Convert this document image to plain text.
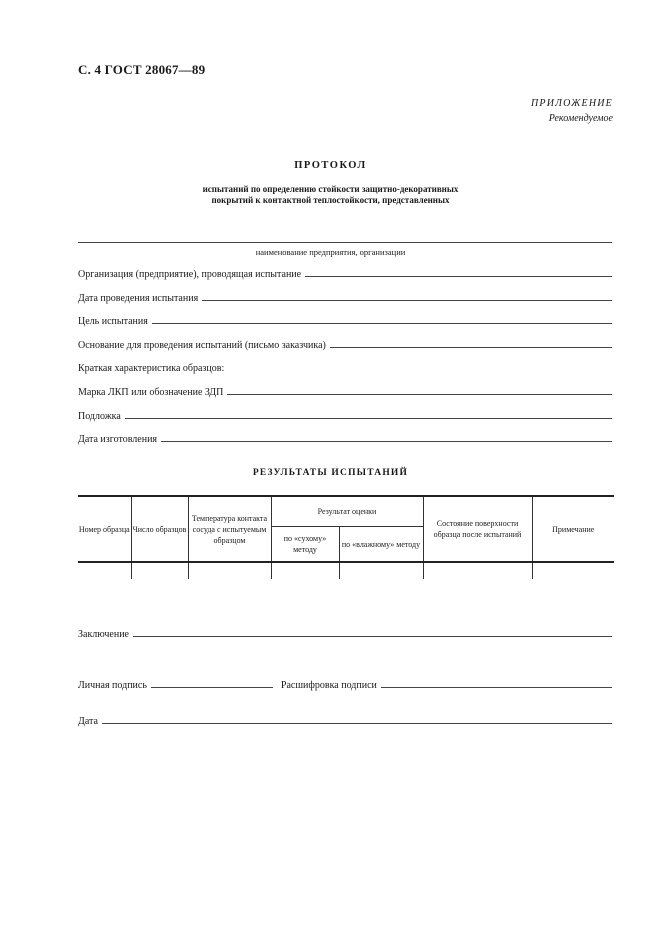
С. 4 ГОСТ 28067—89
ПРИЛОЖЕНИЕ
Рекомендуемое
ПРОТОКОЛ
испытаний по определению стойкости защитно-декоративных
покрытий к контактной теплостойкости, представленных
наименование предприятия, организации
Организация (предприятие), проводящая испытание
Дата проведения испытания
Цель испытания
Основание для проведения испытаний (письмо заказчика)
Краткая характеристика образцов:
Марка ЛКП или обозначение ЗДП
Подложка
Дата изготовления
РЕЗУЛЬТАТЫ ИСПЫТАНИЙ
Номер образца	Число образцов	Температура контакта сосуда с испытуемым образцом	Результат оценки		Состояние поверхности образца после испытаний	Примечание
			по «сухому» методу	по «влажному» методу		

Заключение
Личная подпись	Расшифровка подписи
Дата
